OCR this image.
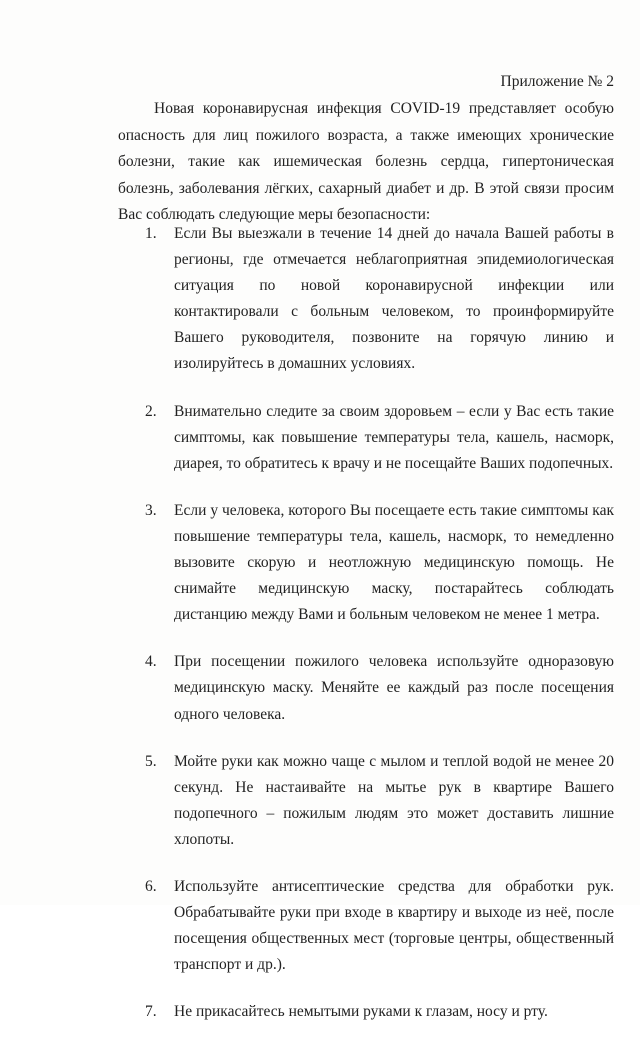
Приложение № 2

Новая коронавирусная инфекция COVID-19 представляет особую опасность для лиц пожилого возраста, а также имеющих хронические болезни, такие как ишемическая болезнь сердца, гипертоническая болезнь, заболевания лёгких, сахарный диабет и др. В этой связи просим Вас соблюдать следующие меры безопасности:

1.	Если Вы выезжали в течение 14 дней до начала Вашей работы в регионы, где отмечается неблагоприятная эпидемиологическая ситуация по новой коронавирусной инфекции или контактировали с больным человеком, то проинформируйте Вашего руководителя, позвоните на горячую линию и изолируйтесь в домашних условиях.
2.	Внимательно следите за своим здоровьем – если у Вас есть такие симптомы, как повышение температуры тела, кашель, насморк, диарея, то обратитесь к врачу и не посещайте Ваших подопечных.
3.	Если у человека, которого Вы посещаете есть такие симптомы как повышение температуры тела, кашель, насморк, то немедленно вызовите скорую и неотложную медицинскую помощь. Не снимайте медицинскую маску, постарайтесь соблюдать дистанцию между Вами и больным человеком не менее 1 метра.
4.	При посещении пожилого человека используйте одноразовую медицинскую маску. Меняйте ее каждый раз после посещения одного человека.
5.	Мойте руки как можно чаще с мылом и теплой водой не менее 20 секунд. Не настаивайте на мытье рук в квартире Вашего подопечного – пожилым людям это может доставить лишние хлопоты.
6.	Используйте антисептические средства для обработки рук. Обрабатывайте руки при входе в квартиру и выходе из неё, после посещения общественных мест (торговые центры, общественный транспорт и др.).
7.	Не прикасайтесь немытыми руками к глазам, носу и рту.
